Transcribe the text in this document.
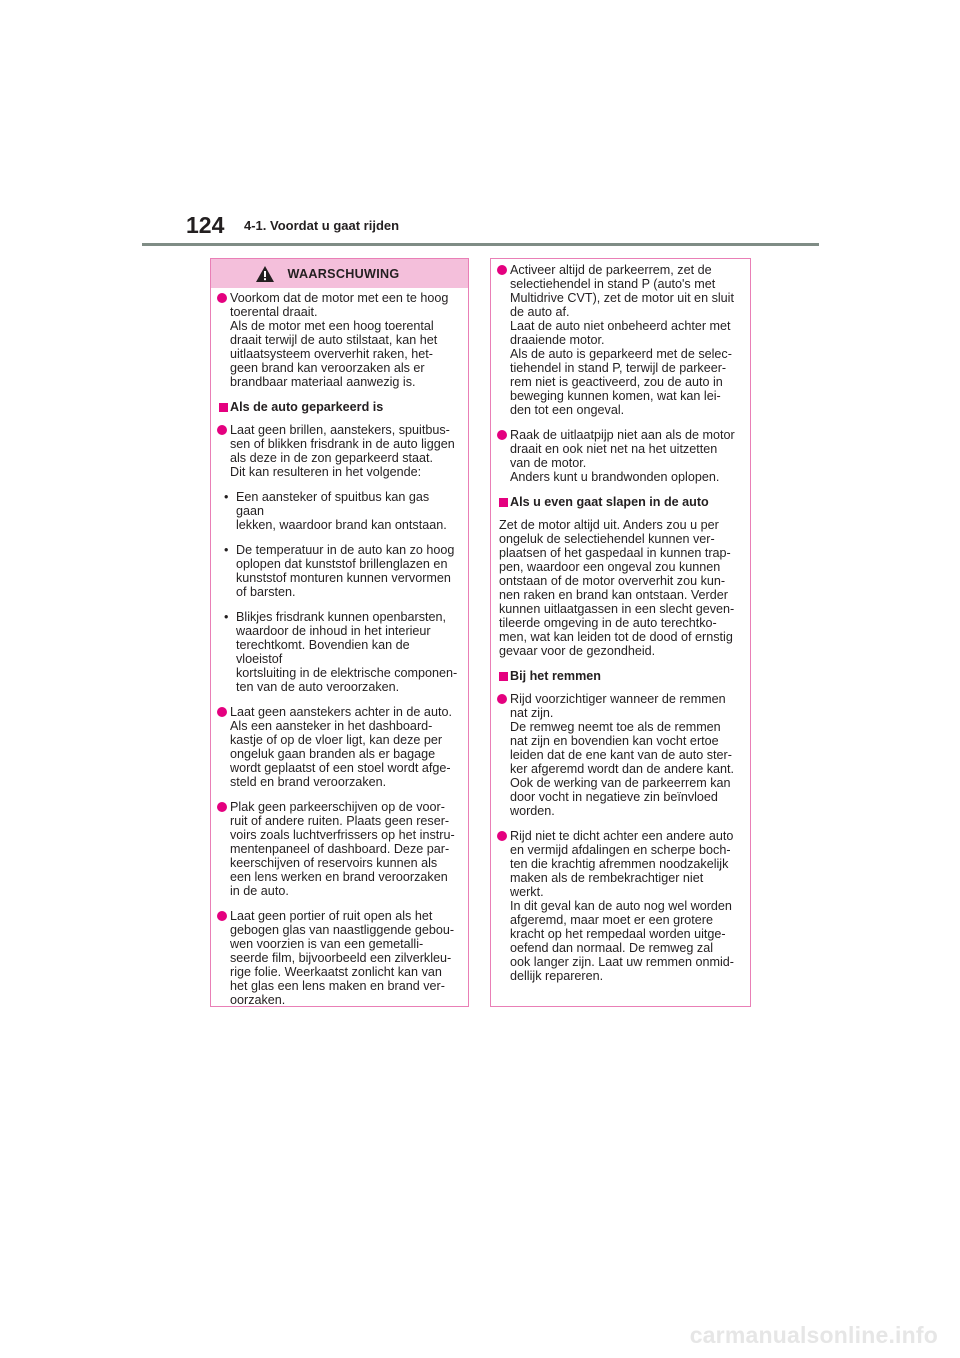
124 4-1. Voordat u gaat rijden
WAARSCHUWING
Voorkom dat de motor met een te hoog
toerental draait.
Als de motor met een hoog toerental
draait terwijl de auto stilstaat, kan het
uitlaatsysteem oververhit raken, het-
geen brand kan veroorzaken als er
brandbaar materiaal aanwezig is.
Als de auto geparkeerd is
Laat geen brillen, aanstekers, spuitbus-
sen of blikken frisdrank in de auto liggen
als deze in de zon geparkeerd staat.
Dit kan resulteren in het volgende:
• Een aansteker of spuitbus kan gas gaan
lekken, waardoor brand kan ontstaan.
• De temperatuur in de auto kan zo hoog
oplopen dat kunststof brillenglazen en
kunststof monturen kunnen vervormen
of barsten.
• Blikjes frisdrank kunnen openbarsten,
waardoor de inhoud in het interieur
terechtkomt. Bovendien kan de vloeistof
kortsluiting in de elektrische componen-
ten van de auto veroorzaken.
Laat geen aanstekers achter in de auto.
Als een aansteker in het dashboard-
kastje of op de vloer ligt, kan deze per
ongeluk gaan branden als er bagage
wordt geplaatst of een stoel wordt afge-
steld en brand veroorzaken.
Plak geen parkeerschijven op de voor-
ruit of andere ruiten. Plaats geen reser-
voirs zoals luchtverfrissers op het instru-
mentenpaneel of dashboard. Deze par-
keerschijven of reservoirs kunnen als
een lens werken en brand veroorzaken
in de auto.
Laat geen portier of ruit open als het
gebogen glas van naastliggende gebou-
wen voorzien is van een gemetalli-
seerde film, bijvoorbeeld een zilverkleu-
rige folie. Weerkaatst zonlicht kan van
het glas een lens maken en brand ver-
oorzaken.
Activeer altijd de parkeerrem, zet de
selectiehendel in stand P (auto's met
Multidrive CVT), zet de motor uit en sluit
de auto af.
Laat de auto niet onbeheerd achter met
draaiende motor.
Als de auto is geparkeerd met de selec-
tiehendel in stand P, terwijl de parkeer-
rem niet is geactiveerd, zou de auto in
beweging kunnen komen, wat kan lei-
den tot een ongeval.
Raak de uitlaatpijp niet aan als de motor
draait en ook niet net na het uitzetten
van de motor.
Anders kunt u brandwonden oplopen.
Als u even gaat slapen in de auto
Zet de motor altijd uit. Anders zou u per
ongeluk de selectiehendel kunnen ver-
plaatsen of het gaspedaal in kunnen trap-
pen, waardoor een ongeval zou kunnen
ontstaan of de motor oververhit zou kun-
nen raken en brand kan ontstaan. Verder
kunnen uitlaatgassen in een slecht geven-
tileerde omgeving in de auto terechtko-
men, wat kan leiden tot de dood of ernstig
gevaar voor de gezondheid.
Bij het remmen
Rijd voorzichtiger wanneer de remmen
nat zijn.
De remweg neemt toe als de remmen
nat zijn en bovendien kan vocht ertoe
leiden dat de ene kant van de auto ster-
ker afgeremd wordt dan de andere kant.
Ook de werking van de parkeerrem kan
door vocht in negatieve zin beïnvloed
worden.
Rijd niet te dicht achter een andere auto
en vermijd afdalingen en scherpe boch-
ten die krachtig afremmen noodzakelijk
maken als de rembekrachtiger niet
werkt.
In dit geval kan de auto nog wel worden
afgeremd, maar moet er een grotere
kracht op het rempedaal worden uitge-
oefend dan normaal. De remweg zal
ook langer zijn. Laat uw remmen onmid-
dellijk repareren.
carmanualsonline.info
